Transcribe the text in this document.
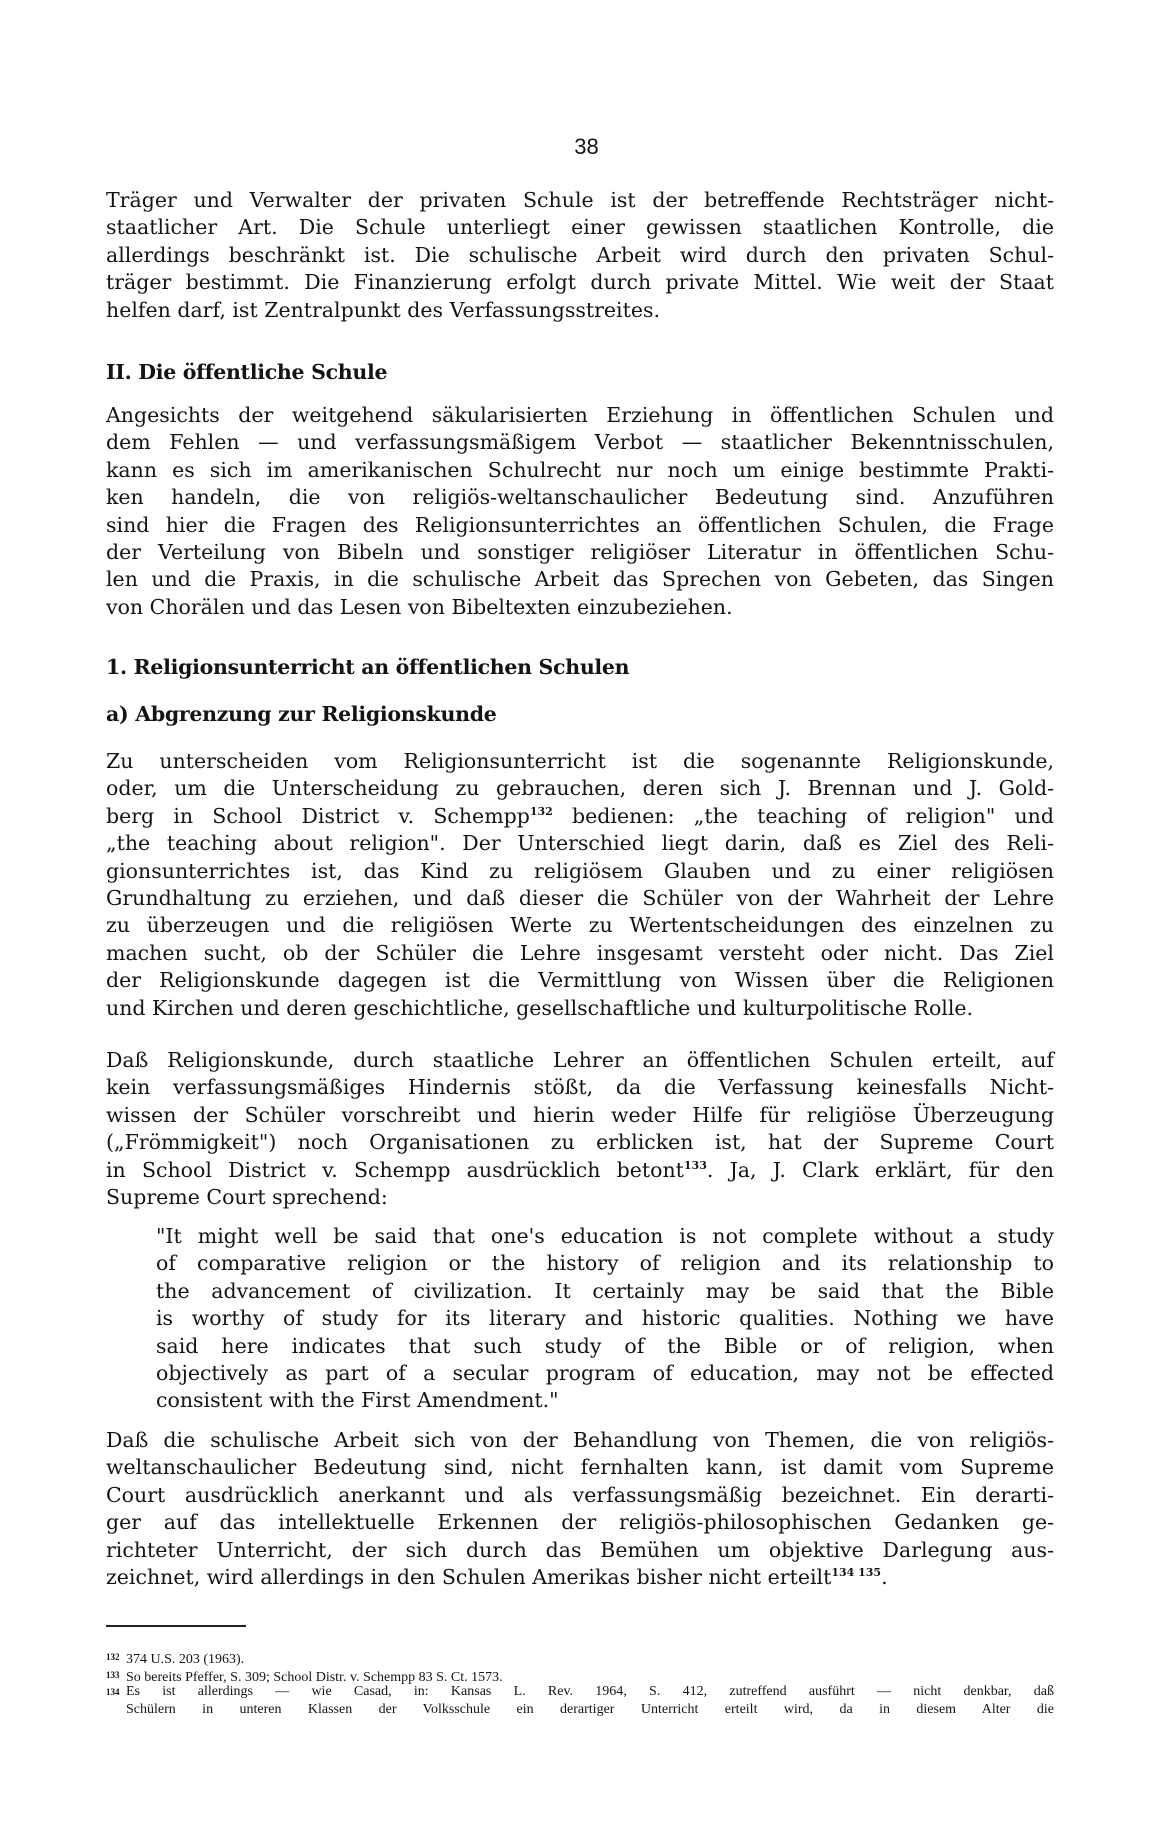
38
Träger und Verwalter der privaten Schule ist der betreffende Rechtsträger nicht-
staatlicher Art. Die Schule unterliegt einer gewissen staatlichen Kontrolle, die
allerdings beschränkt ist. Die schulische Arbeit wird durch den privaten Schul-
träger bestimmt. Die Finanzierung erfolgt durch private Mittel. Wie weit der Staat
helfen darf, ist Zentralpunkt des Verfassungsstreites.
II. Die öffentliche Schule
Angesichts der weitgehend säkularisierten Erziehung in öffentlichen Schulen und
dem Fehlen — und verfassungsmäßigem Verbot — staatlicher Bekenntnisschulen,
kann es sich im amerikanischen Schulrecht nur noch um einige bestimmte Prakti-
ken handeln, die von religiös-weltanschaulicher Bedeutung sind. Anzuführen
sind hier die Fragen des Religionsunterrichtes an öffentlichen Schulen, die Frage
der Verteilung von Bibeln und sonstiger religiöser Literatur in öffentlichen Schu-
len und die Praxis, in die schulische Arbeit das Sprechen von Gebeten, das Singen
von Chorälen und das Lesen von Bibeltexten einzubeziehen.
1. Religionsunterricht an öffentlichen Schulen
a) Abgrenzung zur Religionskunde
Zu unterscheiden vom Religionsunterricht ist die sogenannte Religionskunde,
oder, um die Unterscheidung zu gebrauchen, deren sich J. Brennan und J. Gold-
berg in School District v. Schempp$^{132}$ bedienen: „the teaching of religion" und
„the teaching about religion". Der Unterschied liegt darin, daß es Ziel des Reli-
gionsunterrichtes ist, das Kind zu religiösem Glauben und zu einer religiösen
Grundhaltung zu erziehen, und daß dieser die Schüler von der Wahrheit der Lehre
zu überzeugen und die religiösen Werte zu Wertentscheidungen des einzelnen zu
machen sucht, ob der Schüler die Lehre insgesamt versteht oder nicht. Das Ziel
der Religionskunde dagegen ist die Vermittlung von Wissen über die Religionen
und Kirchen und deren geschichtliche, gesellschaftliche und kulturpolitische Rolle.
Daß Religionskunde, durch staatliche Lehrer an öffentlichen Schulen erteilt, auf
kein verfassungsmäßiges Hindernis stößt, da die Verfassung keinesfalls Nicht-
wissen der Schüler vorschreibt und hierin weder Hilfe für religiöse Überzeugung
(„Frömmigkeit") noch Organisationen zu erblicken ist, hat der Supreme Court
in School District v. Schempp ausdrücklich betont$^{133}$. Ja, J. Clark erklärt, für den
Supreme Court sprechend:
"It might well be said that one's education is not complete without a study
of comparative religion or the history of religion and its relationship to
the advancement of civilization. It certainly may be said that the Bible
is worthy of study for its literary and historic qualities. Nothing we have
said here indicates that such study of the Bible or of religion, when
objectively as part of a secular program of education, may not be effected
consistent with the First Amendment."
Daß die schulische Arbeit sich von der Behandlung von Themen, die von religiös-
weltanschaulicher Bedeutung sind, nicht fernhalten kann, ist damit vom Supreme
Court ausdrücklich anerkannt und als verfassungsmäßig bezeichnet. Ein derarti-
ger auf das intellektuelle Erkennen der religiös-philosophischen Gedanken ge-
richteter Unterricht, der sich durch das Bemühen um objektive Darlegung aus-
zeichnet, wird allerdings in den Schulen Amerikas bisher nicht erteilt$^{134 135}$.
132 374 U.S. 203 (1963).
133 So bereits Pfeffer, S. 309; School Distr. v. Schempp 83 S. Ct. 1573.
134 Es ist allerdings — wie Casad, in: Kansas L. Rev. 1964, S. 412, zutreffend ausführt — nicht denkbar, daß
Schülern in unteren Klassen der Volksschule ein derartiger Unterricht erteilt wird, da in diesem Alter die
